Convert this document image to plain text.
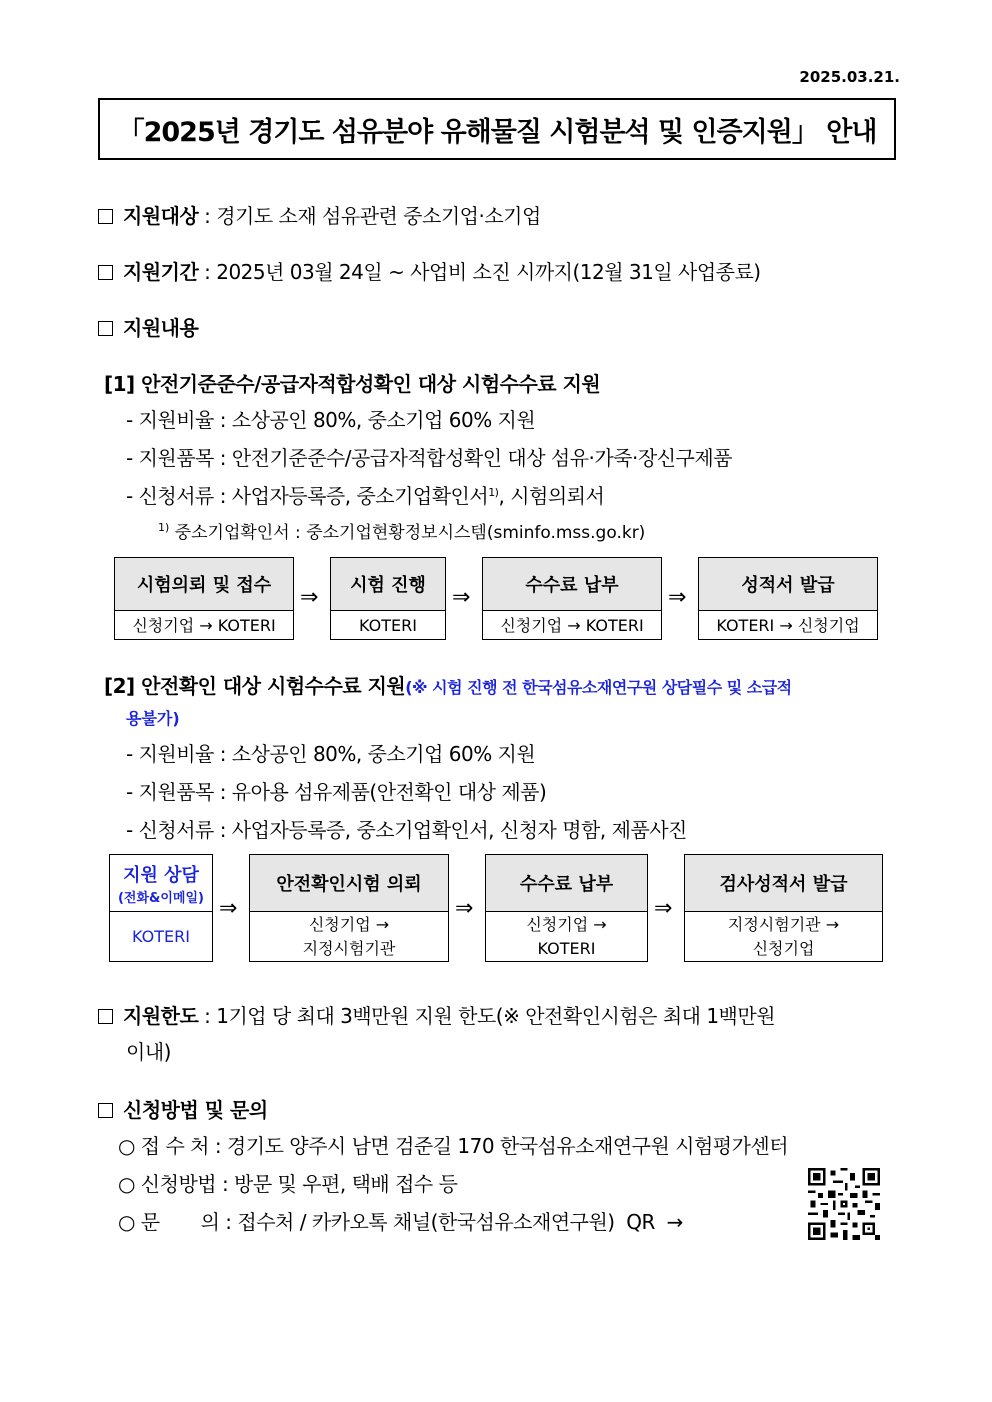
2025.03.21.
「2025년 경기도 섬유분야 유해물질 시험분석 및 인증지원」 안내
지원대상 : 경기도 소재 섬유관련 중소기업·소기업
지원기간 : 2025년 03월 24일 ~ 사업비 소진 시까지(12월 31일 사업종료)
지원내용
[1] 안전기준준수/공급자적합성확인 대상 시험수수료 지원
- 지원비율 : 소상공인 80%, 중소기업 60% 지원
- 지원품목 : 안전기준준수/공급자적합성확인 대상 섬유·가죽·장신구제품
- 신청서류 : 사업자등록증, 중소기업확인서$^{1)}$, 시험의뢰서
$^{1)}$ 중소기업확인서 : 중소기업현황정보시스템(sminfo.mss.go.kr)
시험의뢰 및 접수
신청기업 → KOTERI
⇒	시험 진행
KOTERI
⇒	수수료 납부
신청기업 → KOTERI
⇒	성적서 발급
KOTERI → 신청기업
[2] 안전확인 대상 시험수수료 지원(※ 시험 진행 전 한국섬유소재연구원 상담필수 및 소급적
용불가)
- 지원비율 : 소상공인 80%, 중소기업 60% 지원
- 지원품목 : 유아용 섬유제품(안전확인 대상 제품)
- 신청서류 : 사업자등록증, 중소기업확인서, 신청자 명함, 제품사진
지원 상담
(전화&이메일)
KOTERI
⇒
안전확인시험 의뢰
신청기업 →
지정시험기관
⇒
수수료 납부
신청기업 →
KOTERI
⇒
검사성적서 발급
지정시험기관 →
신청기업
지원한도 : 1기업 당 최대 3백만원 지원 한도(※ 안전확인시험은 최대 1백만원
이내)
신청방법 및 문의
○ 접 수 처 : 경기도 양주시 남면 검준길 170 한국섬유소재연구원 시험평가센터
○ 신청방법 : 방문 및 우편, 택배 접수 등
○ 문       의 : 접수처 / 카카오톡 채널(한국섬유소재연구원)  QR  →
